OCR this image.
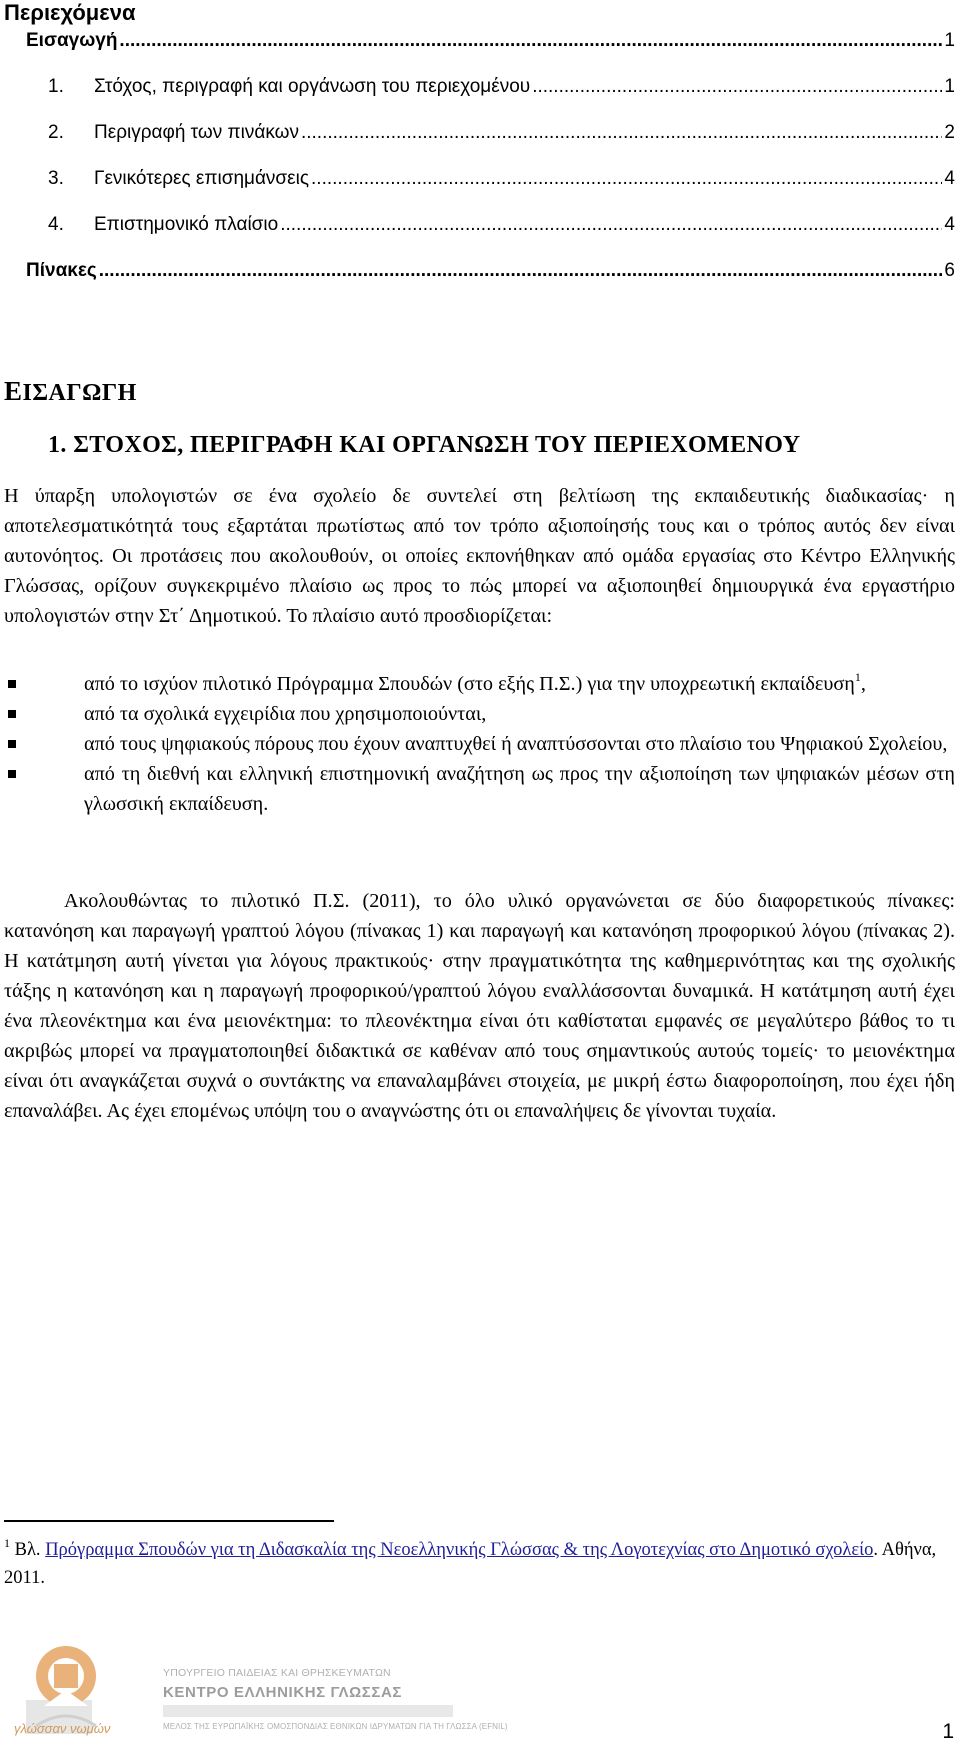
Περιεχόμενα
Εισαγωγή .....	1
1.	Στόχος, περιγραφή και οργάνωση του περιεχομένου .....	1
2.	Περιγραφή των πινάκων .....	2
3.	Γενικότερες επισημάνσεις .....	4
4.	Επιστημονικό πλαίσιο .....	4
Πίνακες .....	6
ΕΙΣΑΓΩΓΗ
1. ΣΤΟΧΟΣ, ΠΕΡΙΓΡΑΦΗ ΚΑΙ ΟΡΓΑΝΩΣΗ ΤΟΥ ΠΕΡΙΕΧΟΜΕΝΟΥ

Η ύπαρξη υπολογιστών σε ένα σχολείο δε συντελεί στη βελτίωση της εκπαιδευτικής διαδικασίας· η αποτελεσματικότητά τους εξαρτάται πρωτίστως από τον τρόπο αξιοποίησής τους και ο τρόπος αυτός δεν είναι αυτονόητος. Οι προτάσεις που ακολουθούν, οι οποίες εκπονήθηκαν από ομάδα εργασίας στο Κέντρο Ελληνικής Γλώσσας, ορίζουν συγκεκριμένο πλαίσιο ως προς το πώς μπορεί να αξιοποιηθεί δημιουργικά ένα εργαστήριο υπολογιστών στην Στ΄ Δημοτικού. Το πλαίσιο αυτό προσδιορίζεται:

από το ισχύον πιλοτικό Πρόγραμμα Σπουδών (στο εξής Π.Σ.) για την υποχρεωτική εκπαίδευση$^1$,
από τα σχολικά εγχειρίδια που χρησιμοποιούνται,
από τους ψηφιακούς πόρους που έχουν αναπτυχθεί ή αναπτύσσονται στο πλαίσιο του Ψηφιακού Σχολείου,
από τη διεθνή και ελληνική επιστημονική αναζήτηση ως προς την αξιοποίηση των ψηφιακών μέσων στη γλωσσική εκπαίδευση.

Ακολουθώντας το πιλοτικό Π.Σ. (2011), το όλο υλικό οργανώνεται σε δύο διαφορετικούς πίνακες: κατανόηση και παραγωγή γραπτού λόγου (πίνακας 1) και παραγωγή και κατανόηση προφορικού λόγου (πίνακας 2). Η κατάτμηση αυτή γίνεται για λόγους πρακτικούς· στην πραγματικότητα της καθημερινότητας και της σχολικής τάξης η κατανόηση και η παραγωγή προφορικού/γραπτού λόγου εναλλάσσονται δυναμικά. Η κατάτμηση αυτή έχει ένα πλεονέκτημα και ένα μειονέκτημα: το πλεονέκτημα είναι ότι καθίσταται εμφανές σε μεγαλύτερο βάθος το τι ακριβώς μπορεί να πραγματοποιηθεί διδακτικά σε καθέναν από τους σημαντικούς αυτούς τομείς· το μειονέκτημα είναι ότι αναγκάζεται συχνά ο συντάκτης να επαναλαμβάνει στοιχεία, με μικρή έστω διαφοροποίηση, που έχει ήδη επαναλάβει. Ας έχει επομένως υπόψη του ο αναγνώστης ότι οι επαναλήψεις δε γίνονται τυχαία.

$^1$ Βλ. Πρόγραμμα Σπουδών για τη Διδασκαλία της Νεοελληνικής Γλώσσας & της Λογοτεχνίας στο Δημοτικό σχολείο. Αθήνα, 2011.

γλώσσαν νωμών
ΥΠΟΥΡΓΕΙΟ ΠΑΙΔΕΙΑΣ ΚΑΙ ΘΡΗΣΚΕΥΜΑΤΩΝ
ΚΕΝΤΡΟ ΕΛΛΗΝΙΚΗΣ ΓΛΩΣΣΑΣ
ΜΕΛΟΣ ΤΗΣ ΕΥΡΩΠΑΪΚΗΣ ΟΜΟΣΠΟΝΔΙΑΣ ΕΘΝΙΚΩΝ ΙΔΡΥΜΑΤΩΝ ΓΙΑ ΤΗ ΓΛΩΣΣΑ (EFNIL)	1
